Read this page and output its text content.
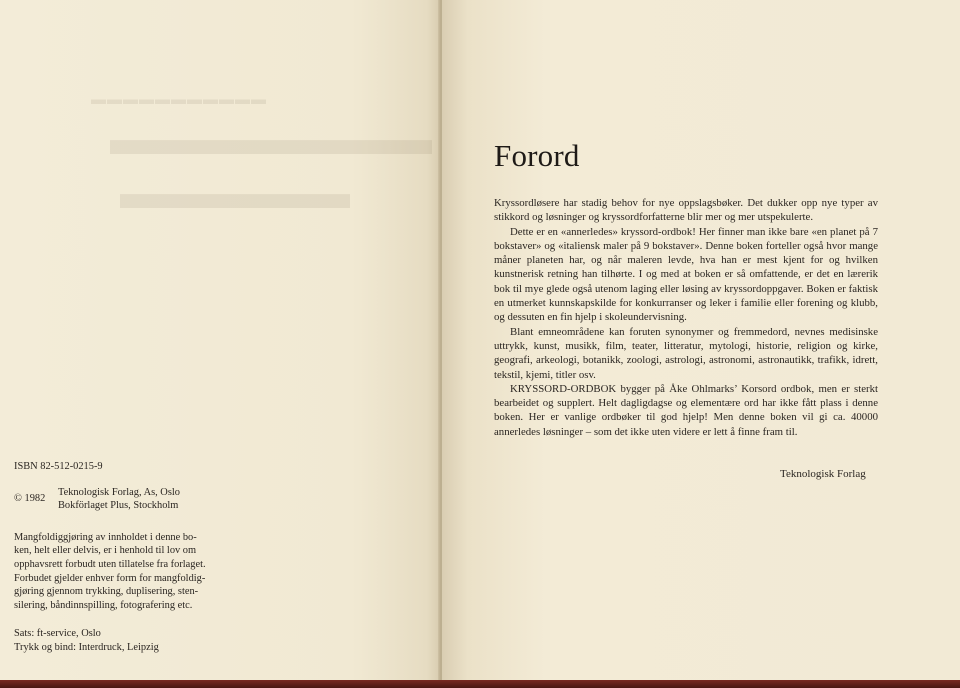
▬▬▬▬▬▬▬▬▬▬▬
▬▬▬▬▬▬▬
▬▬▬▬▬
ISBN 82-512-0215-9
© 1982
Teknologisk Forlag, As, Oslo
Bokförlaget Plus, Stockholm

Mangfoldiggjøring av innholdet i denne bo-

ken, helt eller delvis, er i henhold til lov om

opphavsrett forbudt uten tillatelse fra forlaget.

Forbudet gjelder enhver form for mangfoldig-

gjøring gjennom trykking, duplisering, sten-

silering, båndinnspilling, fotografering etc.

Sats: ft-service, Oslo

Trykk og bind: Interdruck, Leipzig

Forord

Kryssordløsere har stadig behov for nye oppslagsbøker. Det dukker opp nye typer av stikkord og løsninger og kryssordforfatterne blir mer og mer utspekulerte.

Dette er en «annerledes» kryssord-ordbok! Her finner man ikke bare «en planet på 7 bokstaver» og «italiensk maler på 9 bokstaver». Denne boken forteller også hvor mange måner planeten har, og når maleren levde, hva han er mest kjent for og hvilken kunstnerisk retning han tilhørte. I og med at boken er så omfattende, er det en lærerik bok til mye glede også utenom laging eller løsing av kryssordoppgaver. Boken er faktisk en utmerket kunnskapskilde for konkurranser og leker i familie eller forening og klubb, og dessuten en fin hjelp i skoleundervisning.

Blant emneområdene kan foruten synonymer og fremmedord, nevnes medisinske uttrykk, kunst, musikk, film, teater, litteratur, mytologi, historie, religion og kirke, geografi, arkeologi, botanikk, zoologi, astrologi, astronomi, astronautikk, trafikk, idrett, tekstil, kjemi, titler osv.

KRYSSORD-ORDBOK bygger på Åke Ohlmarks’ Korsord ordbok, men er sterkt bearbeidet og supplert. Helt dagligdagse og elementære ord har ikke fått plass i denne boken. Her er vanlige ordbøker til god hjelp! Men denne boken vil gi ca. 40000 annerledes løsninger – som det ikke uten videre er lett å finne fram til.

Teknologisk Forlag
